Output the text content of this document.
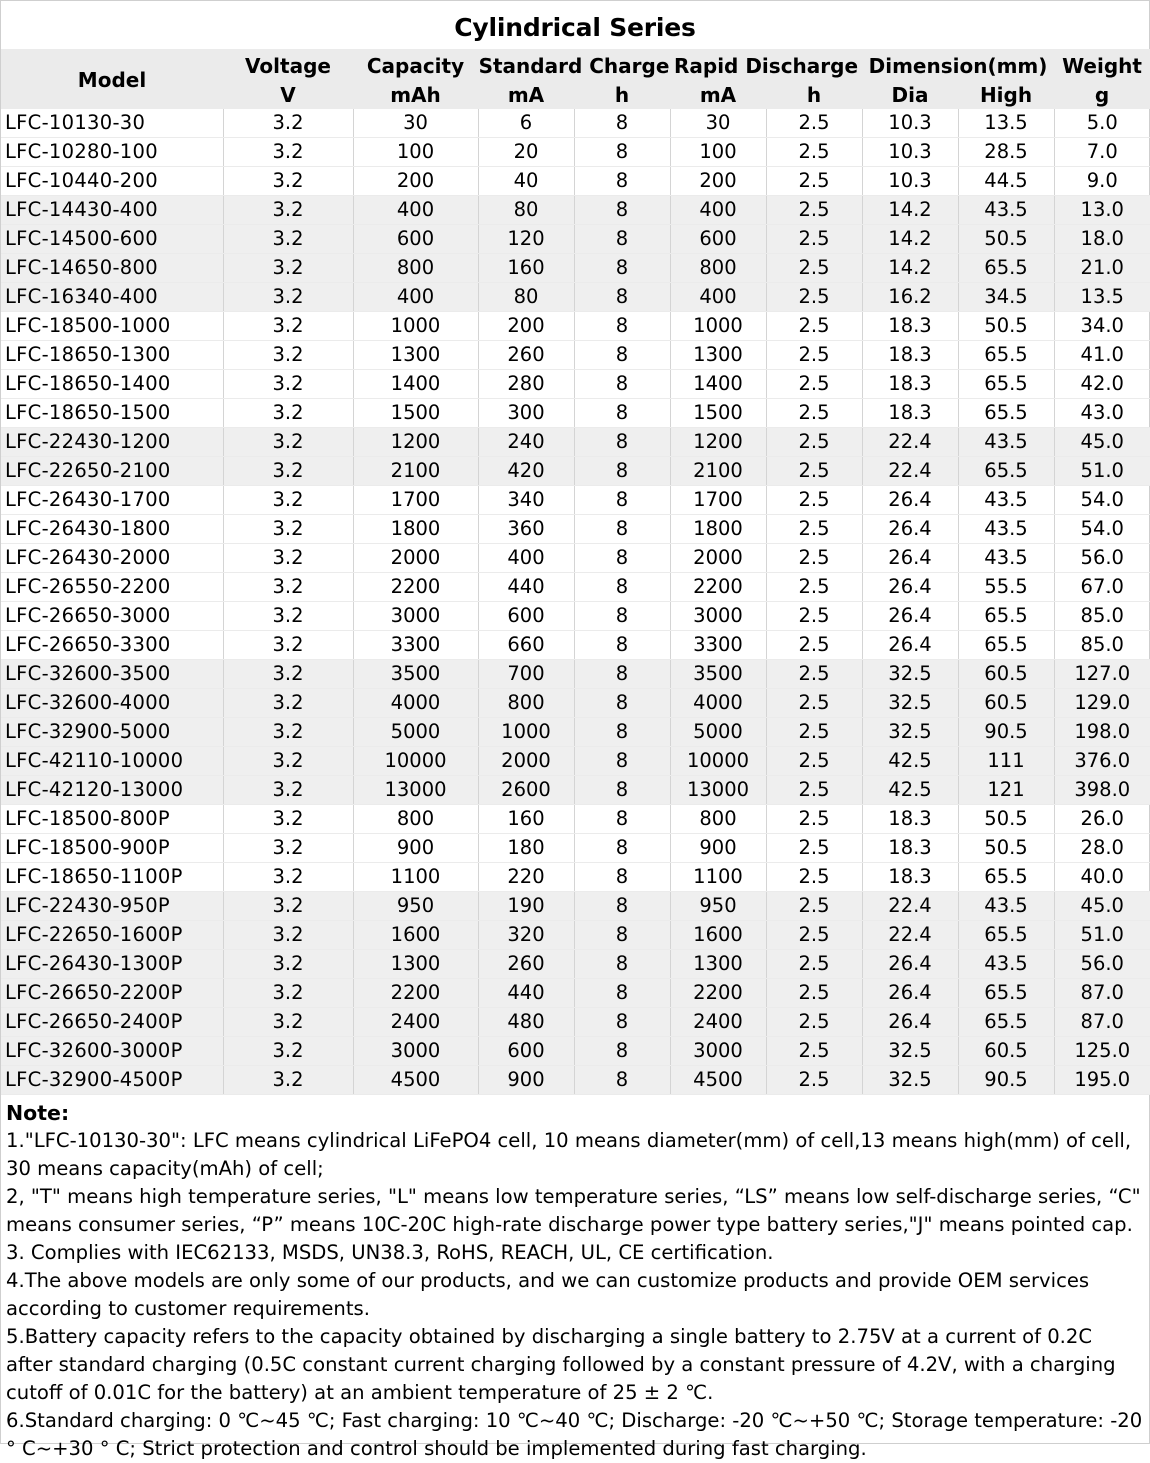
Cylindrical Series
Model	Voltage	Capacity	Standard Charge		Rapid Discharge		Dimension(mm)		Weight
	V	mAh	mA	h	mA	h	Dia	High	g
LFC-10130-30	3.2	30	6	8	30	2.5	10.3	13.5	5.0
LFC-10280-100	3.2	100	20	8	100	2.5	10.3	28.5	7.0
LFC-10440-200	3.2	200	40	8	200	2.5	10.3	44.5	9.0
LFC-14430-400	3.2	400	80	8	400	2.5	14.2	43.5	13.0
LFC-14500-600	3.2	600	120	8	600	2.5	14.2	50.5	18.0
LFC-14650-800	3.2	800	160	8	800	2.5	14.2	65.5	21.0
LFC-16340-400	3.2	400	80	8	400	2.5	16.2	34.5	13.5
LFC-18500-1000	3.2	1000	200	8	1000	2.5	18.3	50.5	34.0
LFC-18650-1300	3.2	1300	260	8	1300	2.5	18.3	65.5	41.0
LFC-18650-1400	3.2	1400	280	8	1400	2.5	18.3	65.5	42.0
LFC-18650-1500	3.2	1500	300	8	1500	2.5	18.3	65.5	43.0
LFC-22430-1200	3.2	1200	240	8	1200	2.5	22.4	43.5	45.0
LFC-22650-2100	3.2	2100	420	8	2100	2.5	22.4	65.5	51.0
LFC-26430-1700	3.2	1700	340	8	1700	2.5	26.4	43.5	54.0
LFC-26430-1800	3.2	1800	360	8	1800	2.5	26.4	43.5	54.0
LFC-26430-2000	3.2	2000	400	8	2000	2.5	26.4	43.5	56.0
LFC-26550-2200	3.2	2200	440	8	2200	2.5	26.4	55.5	67.0
LFC-26650-3000	3.2	3000	600	8	3000	2.5	26.4	65.5	85.0
LFC-26650-3300	3.2	3300	660	8	3300	2.5	26.4	65.5	85.0
LFC-32600-3500	3.2	3500	700	8	3500	2.5	32.5	60.5	127.0
LFC-32600-4000	3.2	4000	800	8	4000	2.5	32.5	60.5	129.0
LFC-32900-5000	3.2	5000	1000	8	5000	2.5	32.5	90.5	198.0
LFC-42110-10000	3.2	10000	2000	8	10000	2.5	42.5	111	376.0
LFC-42120-13000	3.2	13000	2600	8	13000	2.5	42.5	121	398.0
LFC-18500-800P	3.2	800	160	8	800	2.5	18.3	50.5	26.0
LFC-18500-900P	3.2	900	180	8	900	2.5	18.3	50.5	28.0
LFC-18650-1100P	3.2	1100	220	8	1100	2.5	18.3	65.5	40.0
LFC-22430-950P	3.2	950	190	8	950	2.5	22.4	43.5	45.0
LFC-22650-1600P	3.2	1600	320	8	1600	2.5	22.4	65.5	51.0
LFC-26430-1300P	3.2	1300	260	8	1300	2.5	26.4	43.5	56.0
LFC-26650-2200P	3.2	2200	440	8	2200	2.5	26.4	65.5	87.0
LFC-26650-2400P	3.2	2400	480	8	2400	2.5	26.4	65.5	87.0
LFC-32600-3000P	3.2	3000	600	8	3000	2.5	32.5	60.5	125.0
LFC-32900-4500P	3.2	4500	900	8	4500	2.5	32.5	90.5	195.0
Note:

1."LFC-10130-30": LFC means cylindrical LiFePO4 cell, 10 means diameter(mm) of cell,13 means high(mm) of cell, 30 means capacity(mAh) of cell;

2, "T" means high temperature series, "L" means low temperature series, “LS” means low self-discharge series, “C" means consumer series, “P” means 10C-20C high-rate discharge power type battery series,"J" means pointed cap.

3. Complies with IEC62133, MSDS, UN38.3, RoHS, REACH, UL, CE certification.

4.The above models are only some of our products, and we can customize products and provide OEM services according to customer requirements.

5.Battery capacity refers to the capacity obtained by discharging a single battery to 2.75V at a current of 0.2C after standard charging (0.5C constant current charging followed by a constant pressure of 4.2V, with a charging cutoff of 0.01C for the battery) at an ambient temperature of 25 ± 2 ℃.

6.Standard charging: 0 ℃~45 ℃; Fast charging: 10 ℃~40 ℃; Discharge: -20 ℃~+50 ℃; Storage temperature: -20 ° C~+30 ° C; Strict protection and control should be implemented during fast charging.
